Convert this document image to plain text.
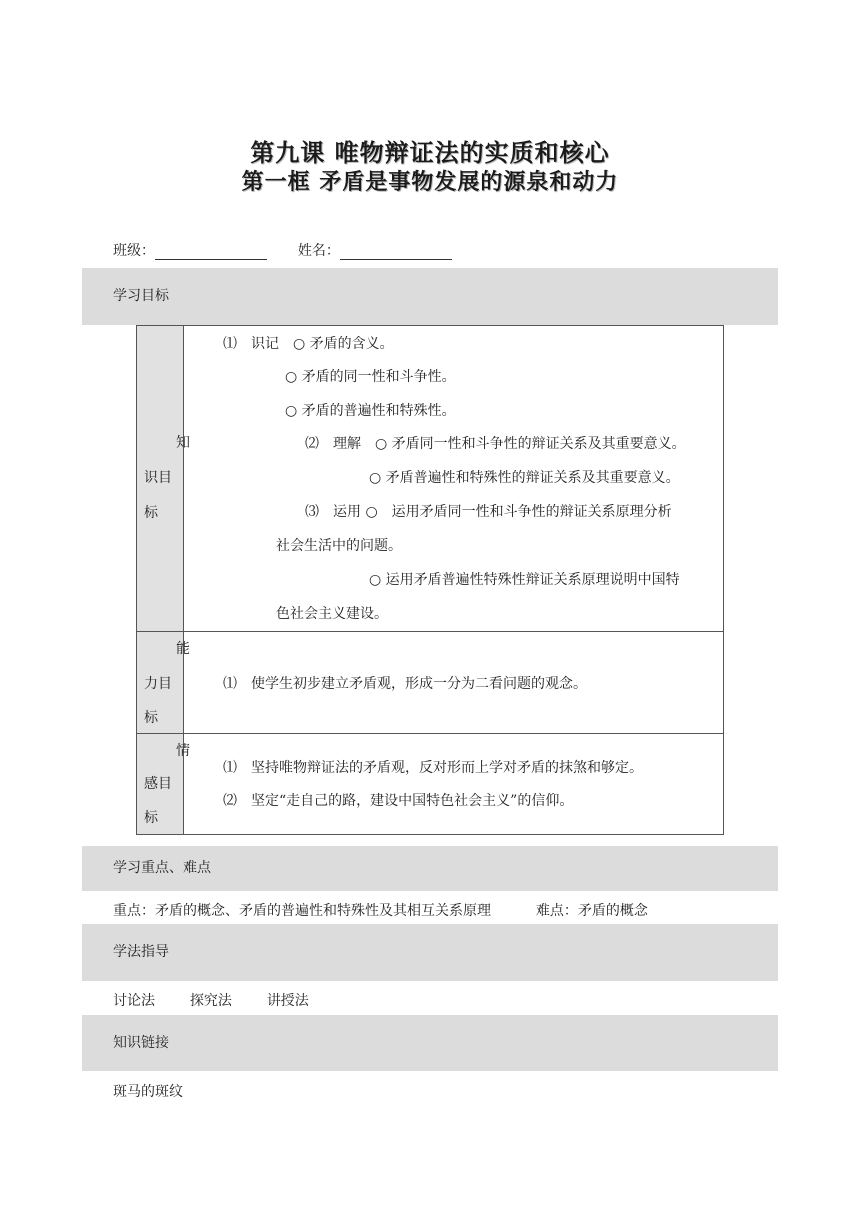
第九课 唯物辩证法的实质和核心
第一框 矛盾是事物发展的源泉和动力
班级：	姓名：
学习目标
知
识目
标
⑴　识记　○ 矛盾的含义。
○ 矛盾的同一性和斗争性。
○ 矛盾的普遍性和特殊性。
⑵　理解　○ 矛盾同一性和斗争性的辩证关系及其重要意义。
○ 矛盾普遍性和特殊性的辩证关系及其重要意义。
⑶　运用 ○　运用矛盾同一性和斗争性的辩证关系原理分析
社会生活中的问题。
○ 运用矛盾普遍性特殊性辩证关系原理说明中国特
色社会主义建设。
能
力目
标
⑴　使学生初步建立矛盾观，形成一分为二看问题的观念。
情
感目
标
⑴　坚持唯物辩证法的矛盾观，反对形而上学对矛盾的抹煞和够定。
⑵　坚定“走自己的路，建设中国特色社会主义”的信仰。
学习重点、难点
重点：矛盾的概念、矛盾的普遍性和特殊性及其相互关系原理	难点：矛盾的概念
学法指导
讨论法 探究法 讲授法
知识链接
斑马的斑纹
